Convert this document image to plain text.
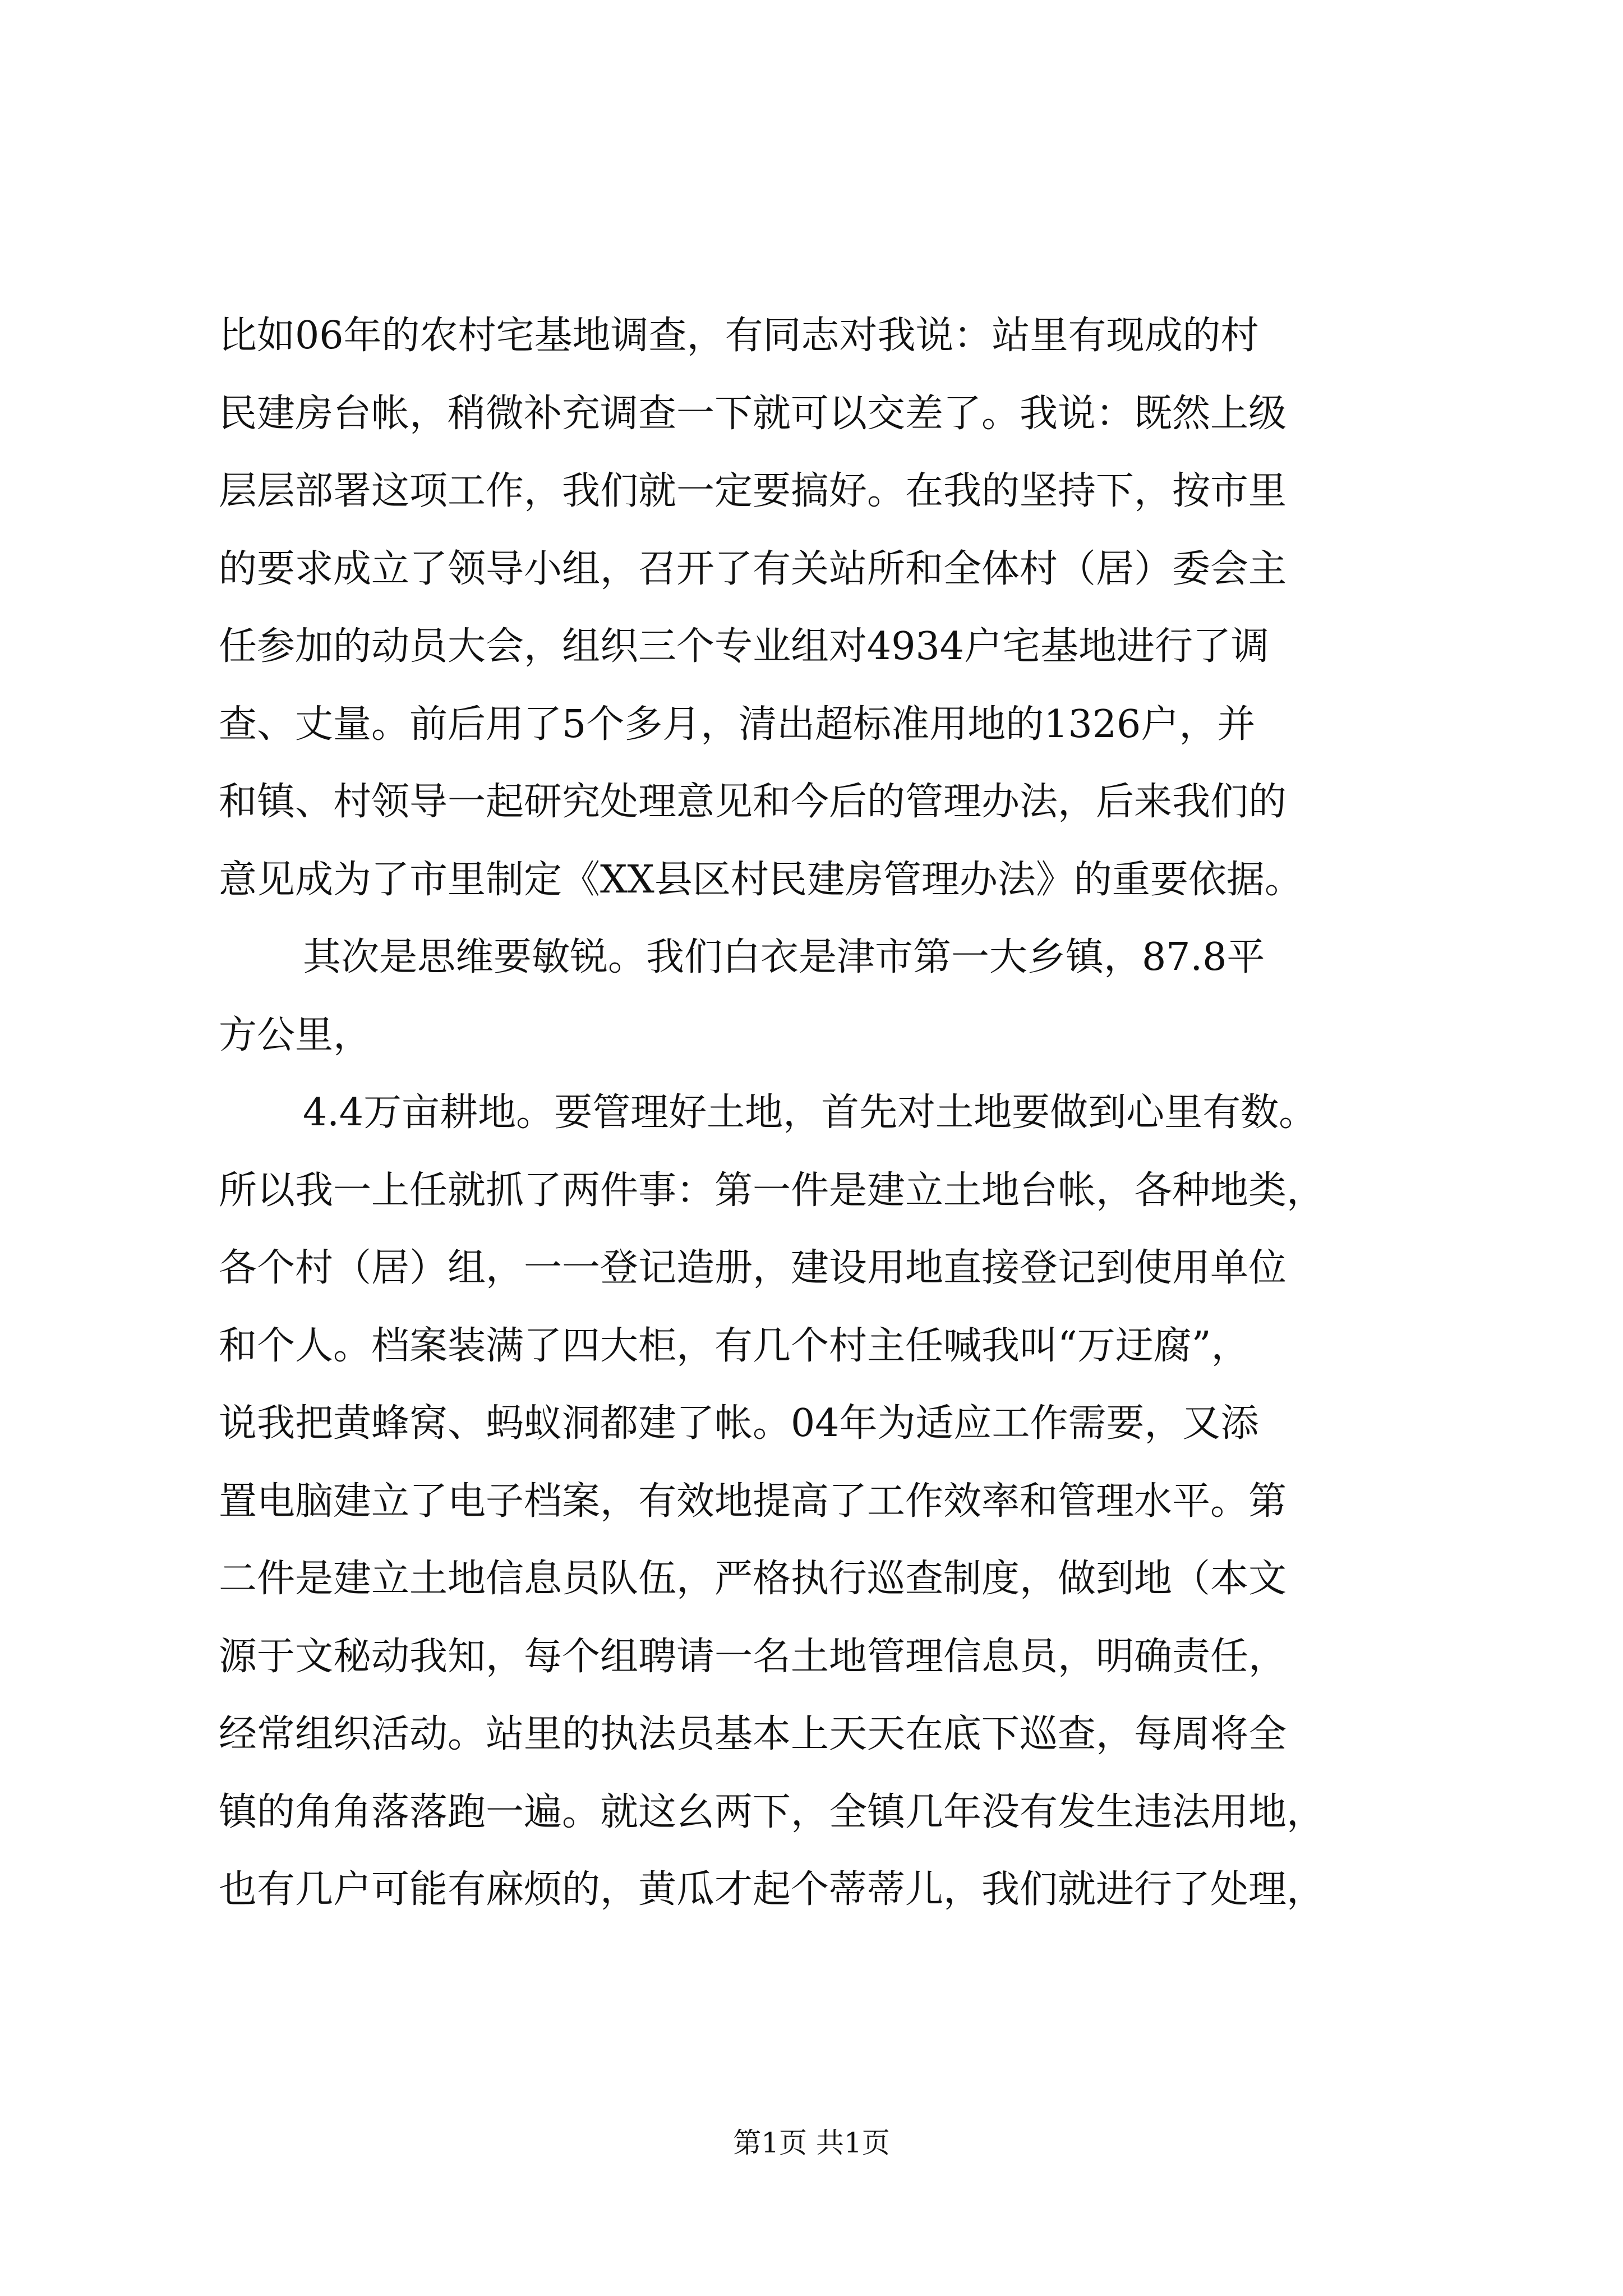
比如06年的农村宅基地调查，有同志对我说：站里有现成的村
民建房台帐，稍微补充调查一下就可以交差了。我说：既然上级
层层部署这项工作，我们就一定要搞好。在我的坚持下，按市里
的要求成立了领导小组，召开了有关站所和全体村（居）委会主
任参加的动员大会，组织三个专业组对4934户宅基地进行了调
查、丈量。前后用了5个多月，清出超标准用地的1326户，并
和镇、村领导一起研究处理意见和今后的管理办法，后来我们的
意见成为了市里制定《XX县区村民建房管理办法》的重要依据。
其次是思维要敏锐。我们白衣是津市第一大乡镇，87.8平
方公里，
4.4万亩耕地。要管理好土地，首先对土地要做到心里有数。
所以我一上任就抓了两件事：第一件是建立土地台帐，各种地类，
各个村（居）组，一一登记造册，建设用地直接登记到使用单位
和个人。档案装满了四大柜，有几个村主任喊我叫“万迂腐”，
说我把黄蜂窝、蚂蚁洞都建了帐。04年为适应工作需要，又添
置电脑建立了电子档案，有效地提高了工作效率和管理水平。第
二件是建立土地信息员队伍，严格执行巡查制度，做到地（本文
源于文秘动我知，每个组聘请一名土地管理信息员，明确责任，
经常组织活动。站里的执法员基本上天天在底下巡查，每周将全
镇的角角落落跑一遍。就这幺两下，全镇几年没有发生违法用地，
也有几户可能有麻烦的，黄瓜才起个蒂蒂儿，我们就进行了处理，
第1页 共1页
